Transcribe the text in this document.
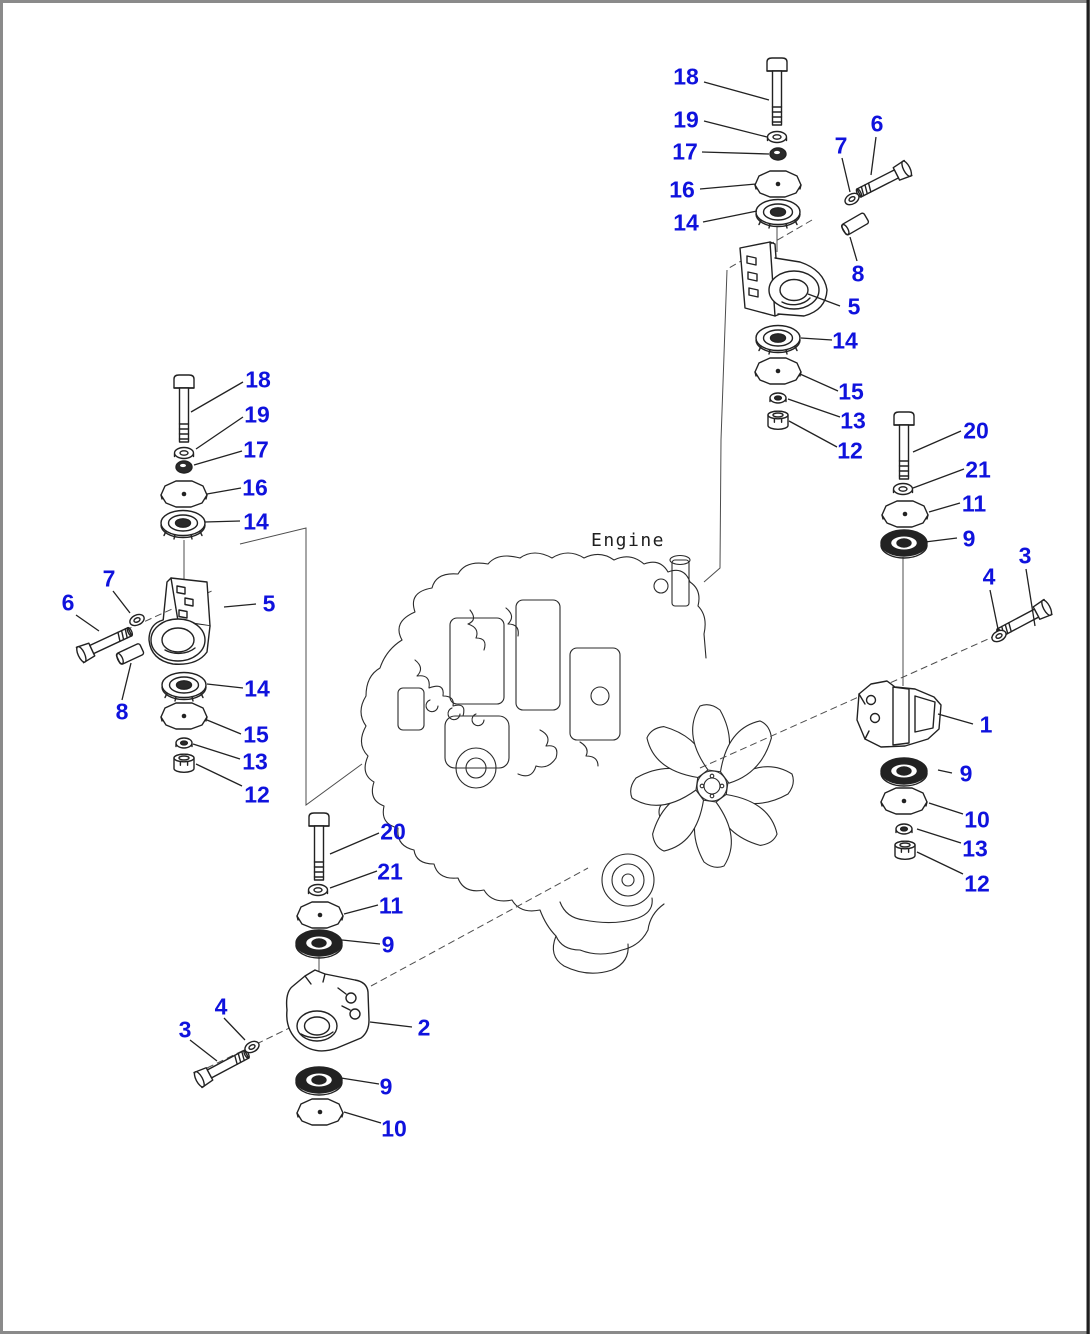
Engine
18
19
17
16
14
7
6
8
5
14
15
13
12
18
19
17
16
14
7
6	5
8
14
15
13
12
20
21
11
9
3
4
1
9
10
13
12
20
21
11
9
2
4
3
9
10
